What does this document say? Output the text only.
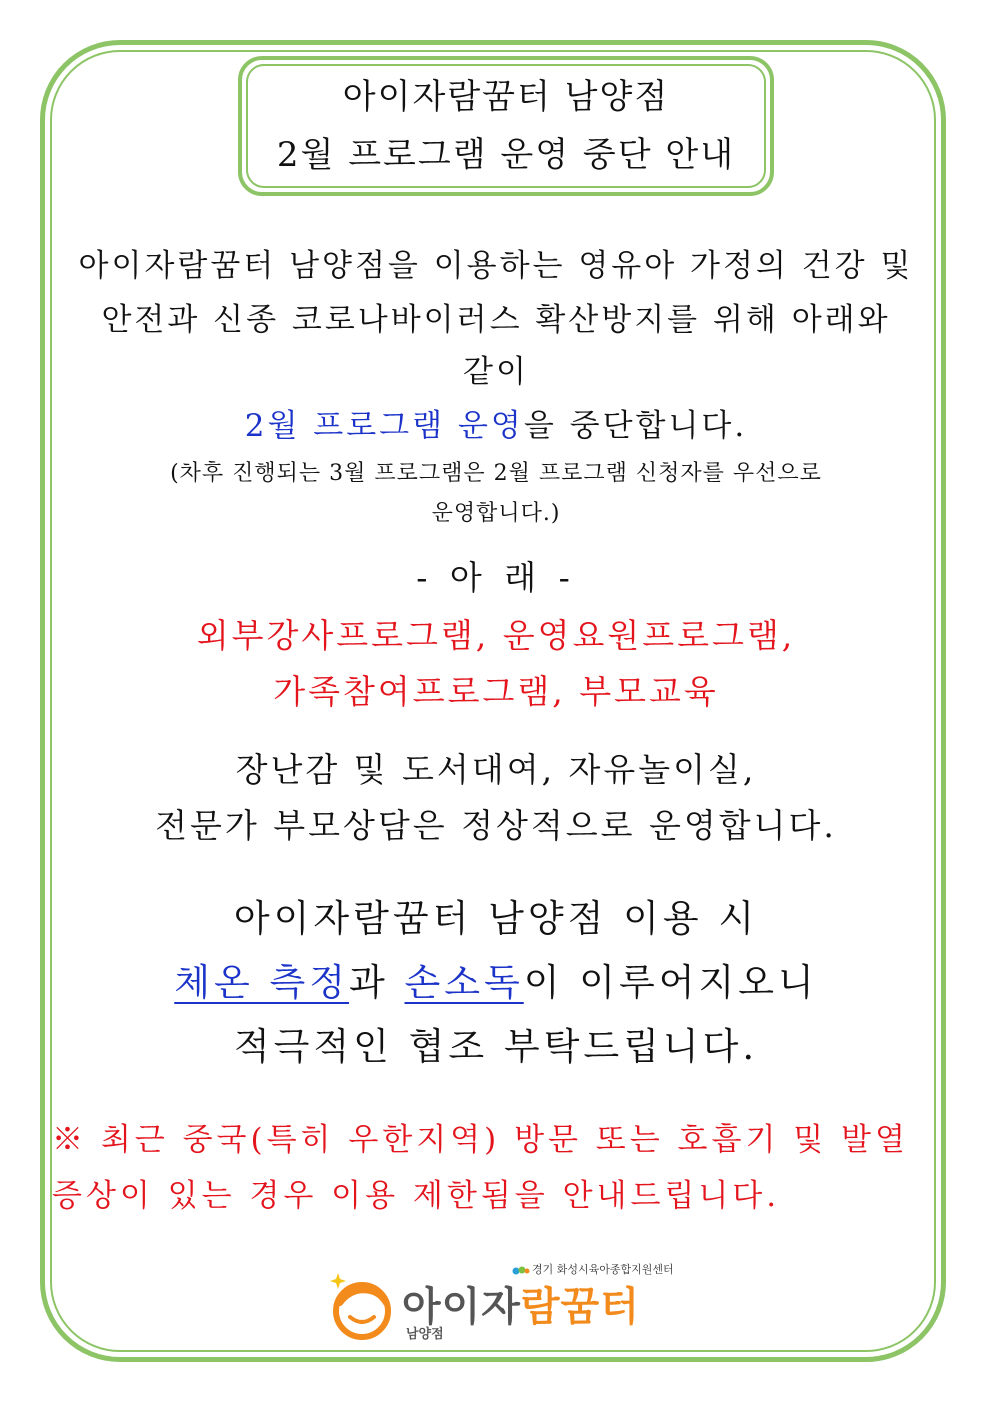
아이자람꿈터 남양점
2월 프로그램 운영 중단 안내
아이자람꿈터 남양점을 이용하는 영유아 가정의 건강 및
안전과 신종 코로나바이러스 확산방지를 위해 아래와
같이
2월 프로그램 운영을 중단합니다.
(차후 진행되는 3월 프로그램은 2월 프로그램 신청자를 우선으로
운영합니다.)
- 아 래 -
외부강사프로그램, 운영요원프로그램,
가족참여프로그램, 부모교육
장난감 및 도서대여, 자유놀이실,
전문가 부모상담은 정상적으로 운영합니다.
아이자람꿈터 남양점 이용 시
체온 측정과 손소독이 이루어지오니
적극적인 협조 부탁드립니다.
※ 최근 중국(특히 우한지역) 방문 또는 호흡기 및 발열
증상이 있는 경우 이용 제한됨을 안내드립니다.
경기 화성시육아종합지원센터
아이자람꿈터
남양점
